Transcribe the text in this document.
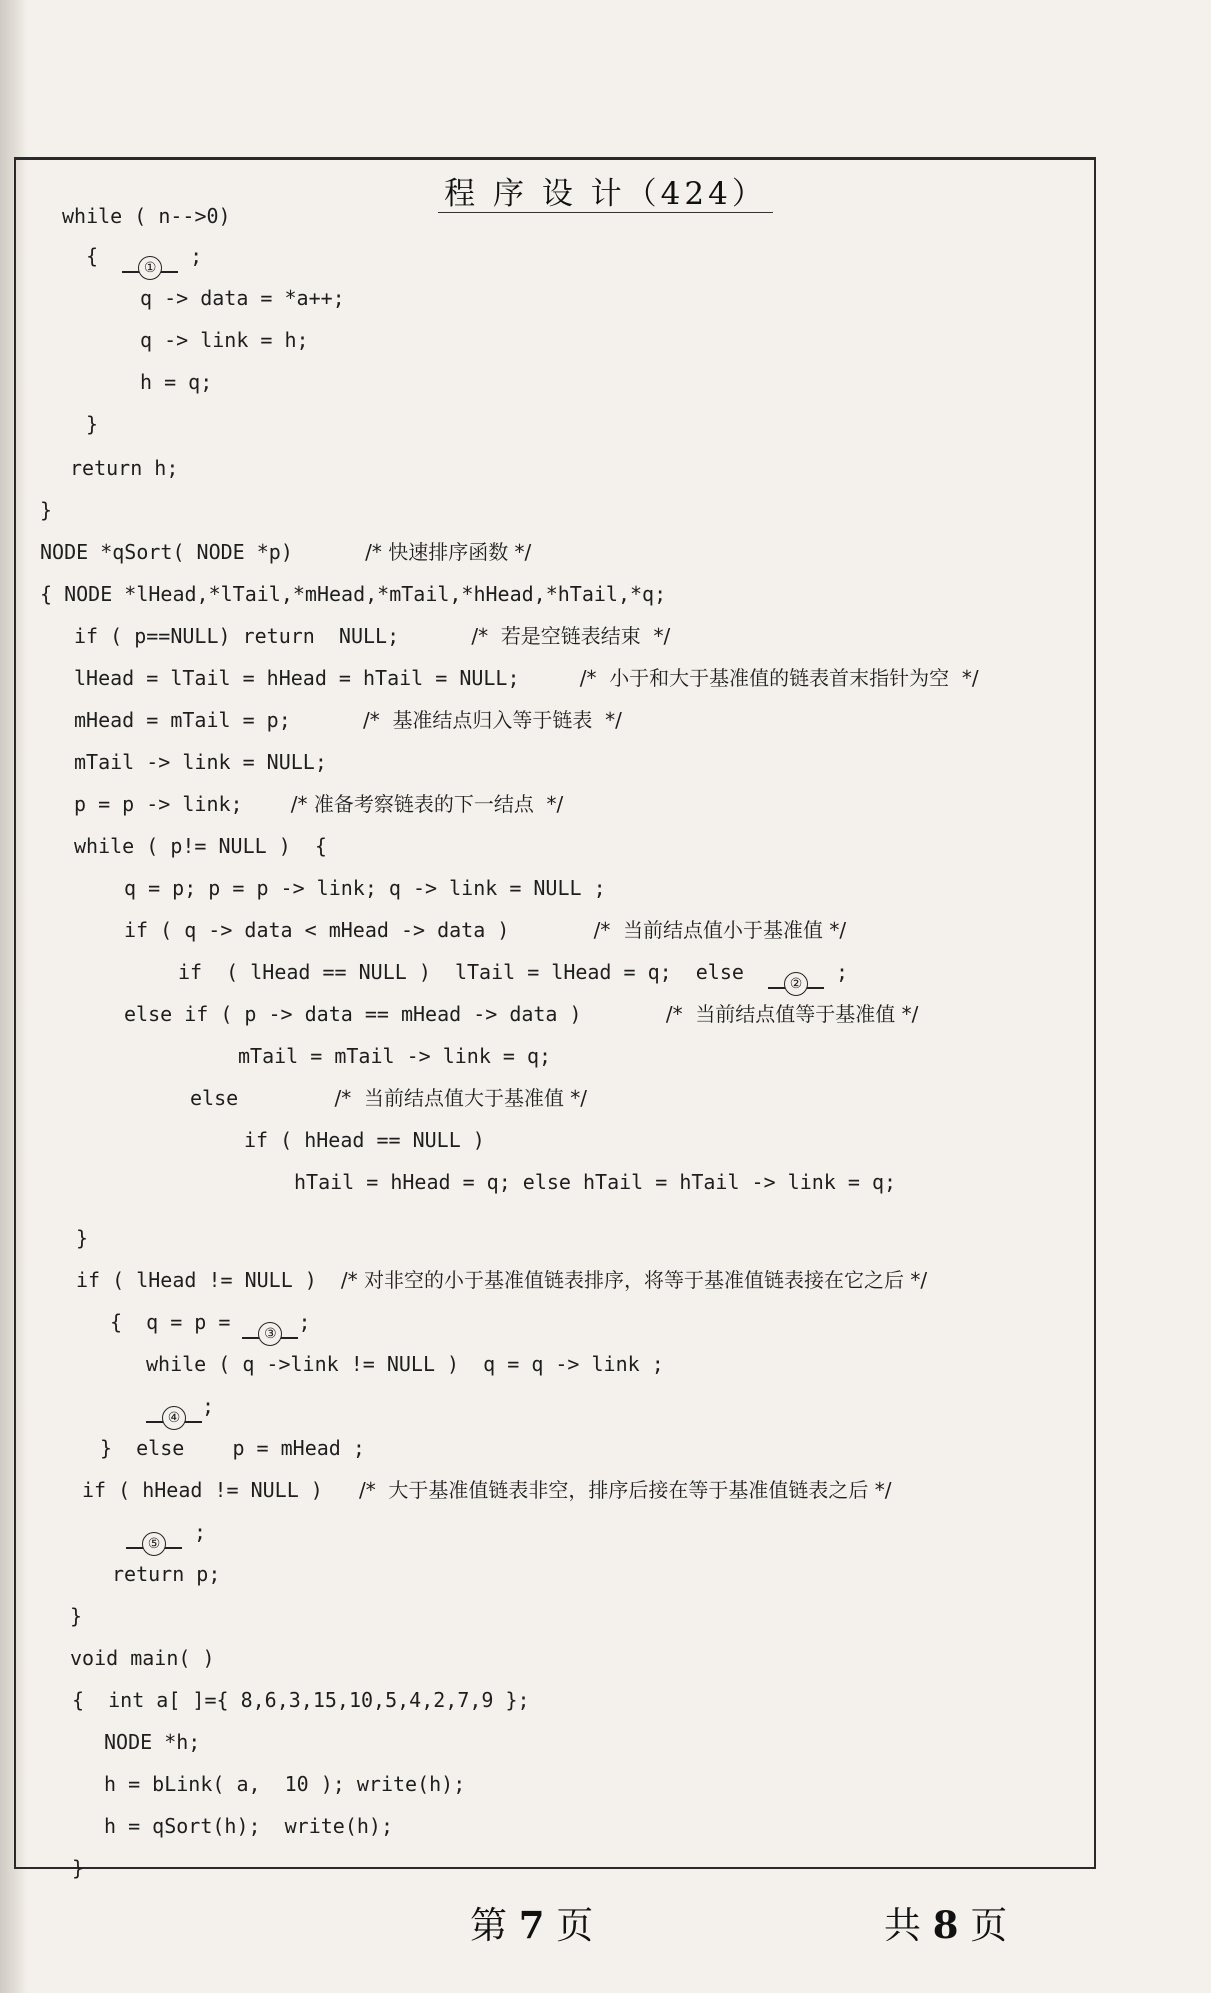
程 序 设 计（424）
while ( n-->0)
{  ① ;
q -> data = *a++;
q -> link = h;
h = q;
}
return h;
}
NODE *qSort( NODE *p)      /* 快速排序函数 */
{ NODE *lHead,*lTail,*mHead,*mTail,*hHead,*hTail,*q;
if ( p==NULL) return  NULL;      /*  若是空链表结束  */
lHead = lTail = hHead = hTail = NULL;     /*  小于和大于基准值的链表首末指针为空  */
mHead = mTail = p;      /*  基准结点归入等于链表  */
mTail -> link = NULL;
p = p -> link;    /* 准备考察链表的下一结点  */
while ( p!= NULL )  {
q = p; p = p -> link; q -> link = NULL ;
if ( q -> data < mHead -> data )       /*  当前结点值小于基准值 */
if  ( lHead == NULL )  lTail = lHead = q;  else  ② ;
else if ( p -> data == mHead -> data )       /*  当前结点值等于基准值 */
mTail = mTail -> link = q;
else        /*  当前结点值大于基准值 */
if ( hHead == NULL )
hTail = hHead = q; else hTail = hTail -> link = q;
}
if ( lHead != NULL )  /* 对非空的小于基准值链表排序，将等于基准值链表接在它之后 */
{  q = p = ③ ;
while ( q ->link != NULL )  q = q -> link ;
④ ;
}  else    p = mHead ;
if ( hHead != NULL )   /*  大于基准值链表非空，排序后接在等于基准值链表之后 */
⑤ ;
return p;
}
void main( )
{  int a[ ]={ 8,6,3,15,10,5,4,2,7,9 };
NODE *h;
h = bLink( a,  10 ); write(h);
h = qSort(h);  write(h);
}
第 7 页	共 8 页
